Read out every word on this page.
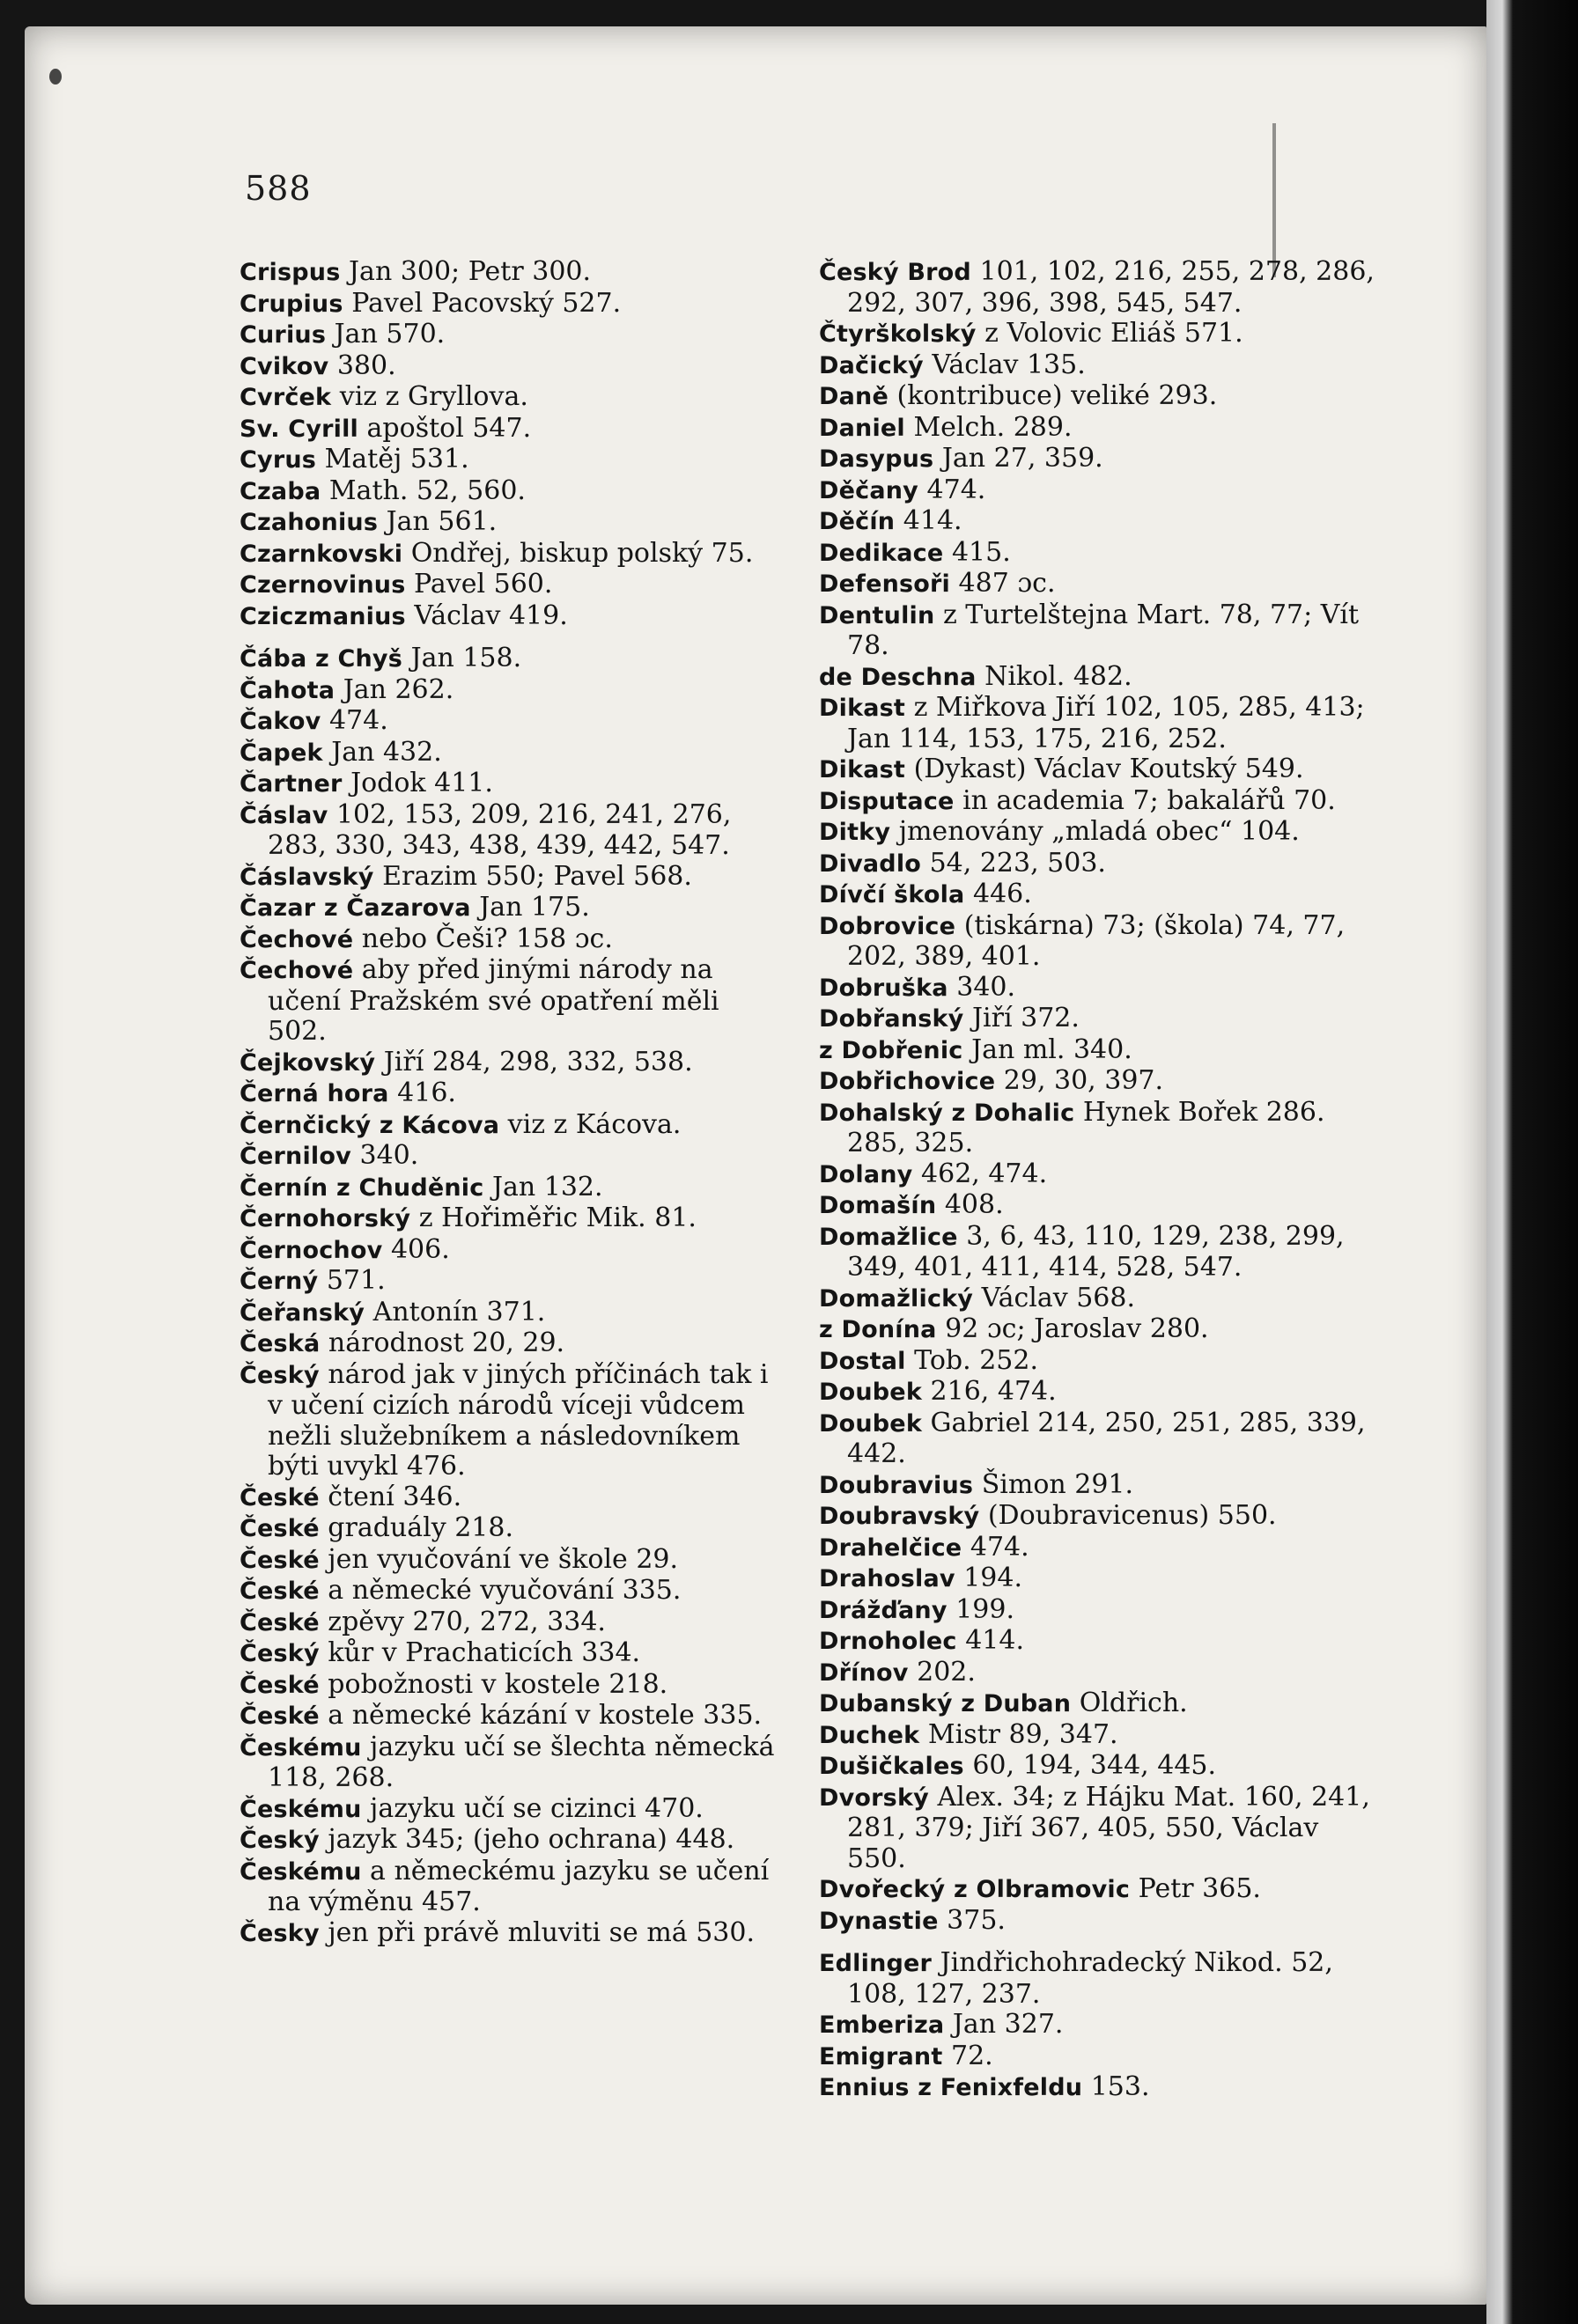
588
Crispus Jan 300; Petr 300.
Crupius Pavel Pacovský 527.
Curius Jan 570.
Cvikov 380.
Cvrček viz z Gryllova.
Sv. Cyrill apoštol 547.
Cyrus Matěj 531.
Czaba Math. 52, 560.
Czahonius Jan 561.
Czarnkovski Ondřej, biskup polský 75.
Czernovinus Pavel 560.
Cziczmanius Václav 419.
Čába z Chyš Jan 158.
Čahota Jan 262.
Čakov 474.
Čapek Jan 432.
Čartner Jodok 411.
Čáslav 102, 153, 209, 216, 241, 276, 283, 330, 343, 438, 439, 442, 547.
Čáslavský Erazim 550; Pavel 568.
Čazar z Čazarova Jan 175.
Čechové nebo Češi? 158 ɔc.
Čechové aby před jinými národy na učení Pražském své opatření měli 502.
Čejkovský Jiří 284, 298, 332, 538.
Černá hora 416.
Černčický z Kácova viz z Kácova.
Černilov 340.
Černín z Chuděnic Jan 132.
Černohorský z Hořiměřic Mik. 81.
Černochov 406.
Černý 571.
Čeřanský Antonín 371.
Česká národnost 20, 29.
Český národ jak v jiných příčinách tak i v učení cizích národů víceji vůdcem nežli služebníkem a následovníkem býti uvykl 476.
České čtení 346.
České graduály 218.
České jen vyučování ve škole 29.
České a německé vyučování 335.
České zpěvy 270, 272, 334.
Český kůr v Prachaticích 334.
České pobožnosti v kostele 218.
České a německé kázání v kostele 335.
Českému jazyku učí se šlechta německá 118, 268.
Českému jazyku učí se cizinci 470.
Český jazyk 345; (jeho ochrana) 448.
Českému a německému jazyku se učení na výměnu 457.
Česky jen při právě mluviti se má 530.
Český Brod 101, 102, 216, 255, 278, 286, 292, 307, 396, 398, 545, 547.
Čtyrškolský z Volovic Eliáš 571.
Dačický Václav 135.
Daně (kontribuce) veliké 293.
Daniel Melch. 289.
Dasypus Jan 27, 359.
Děčany 474.
Děčín 414.
Dedikace 415.
Defensoři 487 ɔc.
Dentulin z Turtelštejna Mart. 78, 77; Vít 78.
de Deschna Nikol. 482.
Dikast z Miřkova Jiří 102, 105, 285, 413; Jan 114, 153, 175, 216, 252.
Dikast (Dykast) Václav Koutský 549.
Disputace in academia 7; bakalářů 70.
Ditky jmenovány „mladá obec“ 104.
Divadlo 54, 223, 503.
Dívčí škola 446.
Dobrovice (tiskárna) 73; (škola) 74, 77, 202, 389, 401.
Dobruška 340.
Dobřanský Jiří 372.
z Dobřenic Jan ml. 340.
Dobřichovice 29, 30, 397.
Dohalský z Dohalic Hynek Bořek 286. 285, 325.
Dolany 462, 474.
Domašín 408.
Domažlice 3, 6, 43, 110, 129, 238, 299, 349, 401, 411, 414, 528, 547.
Domažlický Václav 568.
z Donína 92 ɔc; Jaroslav 280.
Dostal Tob. 252.
Doubek 216, 474.
Doubek Gabriel 214, 250, 251, 285, 339, 442.
Doubravius Šimon 291.
Doubravský (Doubravicenus) 550.
Drahelčice 474.
Drahoslav 194.
Drážďany 199.
Drnoholec 414.
Dřínov 202.
Dubanský z Duban Oldřich.
Duchek Mistr 89, 347.
Dušičkales 60, 194, 344, 445.
Dvorský Alex. 34; z Hájku Mat. 160, 241, 281, 379; Jiří 367, 405, 550, Václav 550.
Dvořecký z Olbramovic Petr 365.
Dynastie 375.
Edlinger Jindřichohradecký Nikod. 52, 108, 127, 237.
Emberiza Jan 327.
Emigrant 72.
Ennius z Fenixfeldu 153.
